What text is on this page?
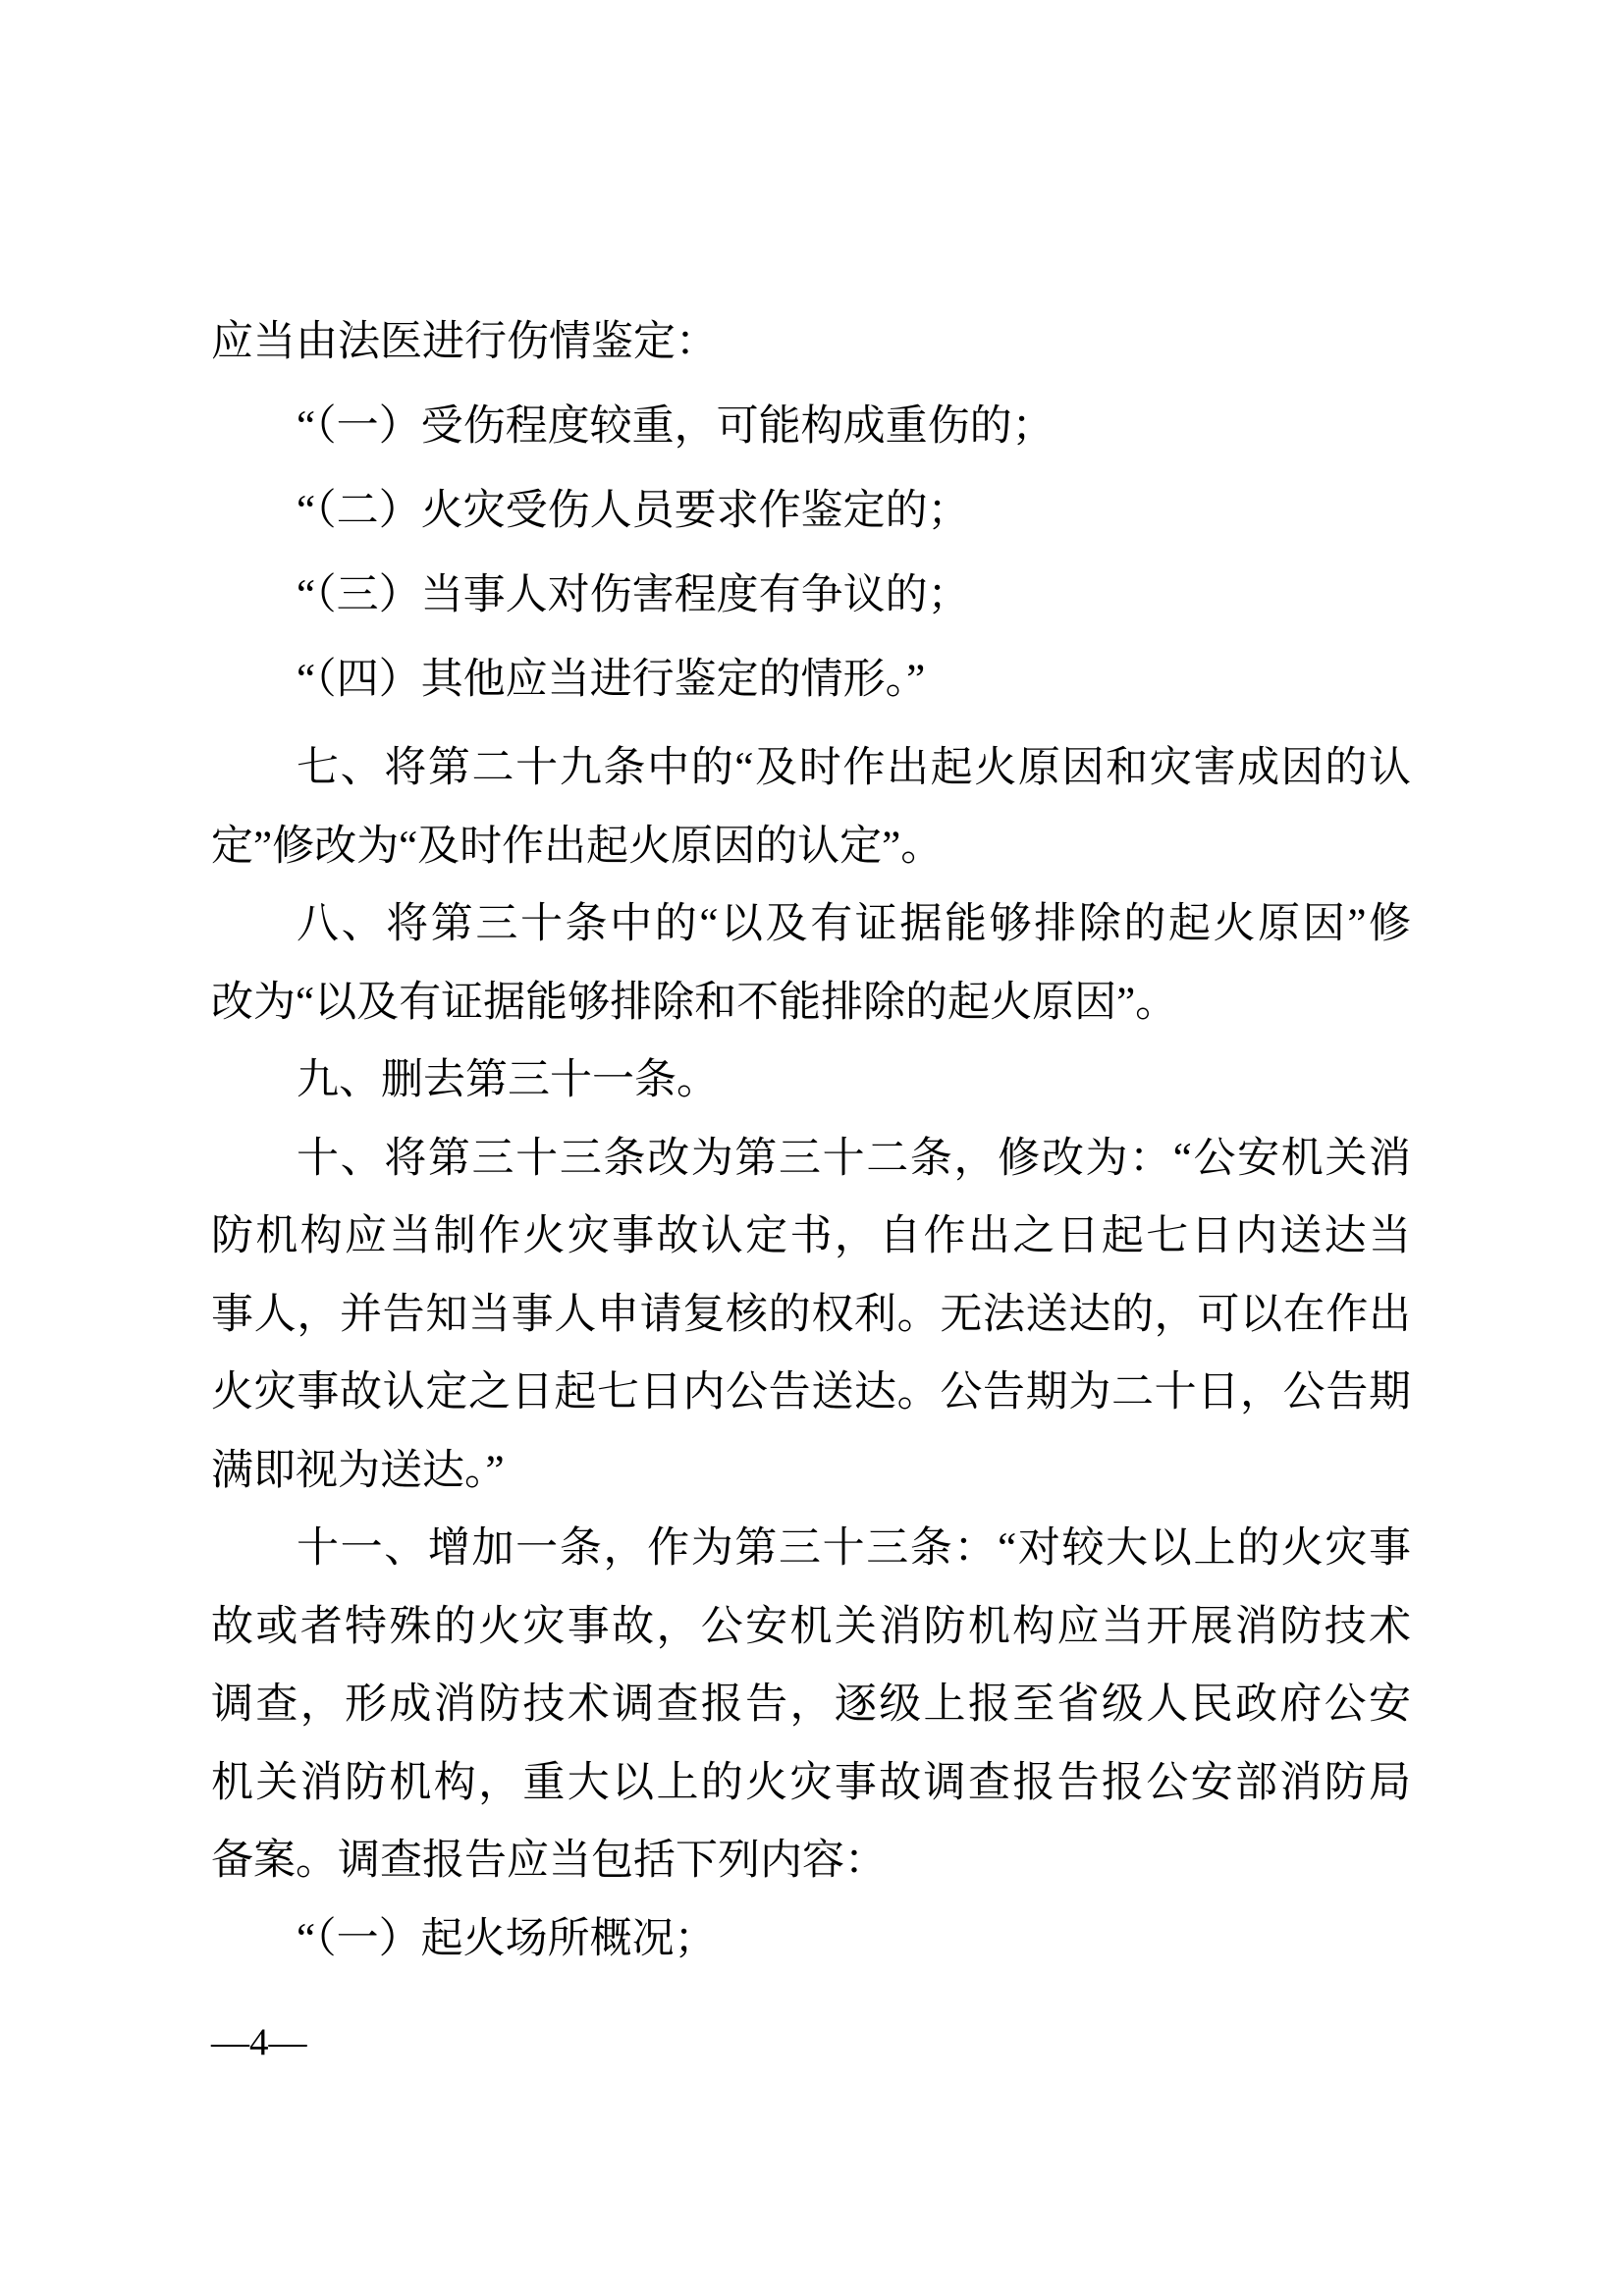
应当由法医进行伤情鉴定：
“（一）受伤程度较重，可能构成重伤的；
“（二）火灾受伤人员要求作鉴定的；
“（三）当事人对伤害程度有争议的；
“（四）其他应当进行鉴定的情形。”
七、将第二十九条中的“及时作出起火原因和灾害成因的认
定”修改为“及时作出起火原因的认定”。
八、将第三十条中的“以及有证据能够排除的起火原因”修
改为“以及有证据能够排除和不能排除的起火原因”。
九、删去第三十一条。
十、将第三十三条改为第三十二条，修改为：“公安机关消
防机构应当制作火灾事故认定书，自作出之日起七日内送达当
事人，并告知当事人申请复核的权利。无法送达的，可以在作出
火灾事故认定之日起七日内公告送达。公告期为二十日，公告期
满即视为送达。”
十一、增加一条，作为第三十三条：“对较大以上的火灾事
故或者特殊的火灾事故，公安机关消防机构应当开展消防技术
调查，形成消防技术调查报告，逐级上报至省级人民政府公安
机关消防机构，重大以上的火灾事故调查报告报公安部消防局
备案。调查报告应当包括下列内容：
“（一）起火场所概况；
—4—
